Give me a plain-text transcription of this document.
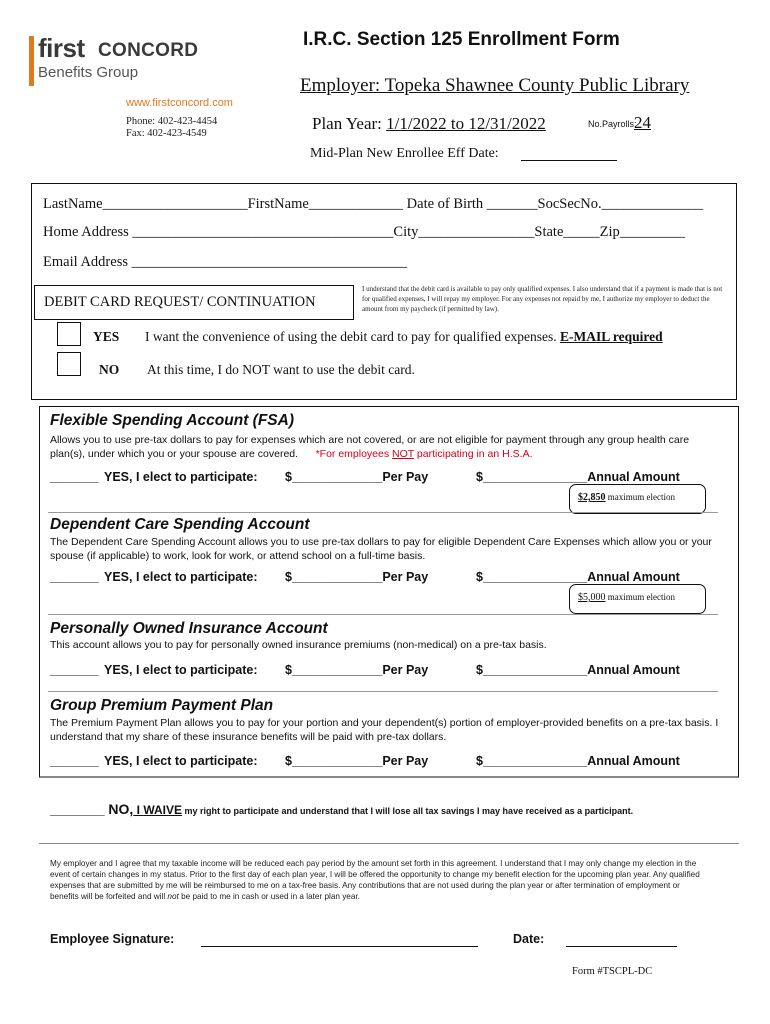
first CONCORD
Benefits Group
www.firstconcord.com
Phone: 402-423-4454
Fax: 402-423-4549
I.R.C. Section 125 Enrollment Form
Employer: Topeka Shawnee County Public Library
Plan Year: 1/1/2022 to 12/31/2022	No.Payrolls:
24
Mid-Plan New Enrollee Eff Date:
LastName____________________FirstName_____________ Date of Birth _______SocSecNo.______________
Home Address ____________________________________City________________State_____Zip_________
Email Address ______________________________________
DEBIT CARD REQUEST/ CONTINUATION
I understand that the debit card is available to pay only qualified expenses. I also understand that if a payment is made that is not for qualified expenses, I will repay my employer. For any expenses not repaid by me, I authorize my employer to deduct the amount from my paycheck (if permitted by law).
YES I want the convenience of using the debit card to pay for qualified expenses. E-MAIL required
NO At this time, I do NOT want to use the debit card.
Flexible Spending Account (FSA)
Allows you to use pre-tax dollars to pay for expenses which are not covered, or are not eligible for payment through any group health care plan(s), under which you or your spouse are covered. *For employees NOT participating in an H.S.A.
_______ YES, I elect to participate: $_____________Per Pay	$_______________Annual Amount
$2,850 maximum election
Dependent Care Spending Account
The Dependent Care Spending Account allows you to use pre-tax dollars to pay for eligible Dependent Care Expenses which allow you or your spouse (if applicable) to work, look for work, or attend school on a full-time basis.
_______ YES, I elect to participate: $_____________Per Pay	$_______________Annual Amount
$5,000 maximum election
Personally Owned Insurance Account
This account allows you to pay for personally owned insurance premiums (non-medical) on a pre-tax basis.
_______ YES, I elect to participate: $_____________Per Pay	$_______________Annual Amount
Group Premium Payment Plan
The Premium Payment Plan allows you to pay for your portion and your dependent(s) portion of employer-provided benefits on a pre-tax basis. I understand that my share of these insurance benefits will be paid with pre-tax dollars.
_______ YES, I elect to participate: $_____________Per Pay	$_______________Annual Amount
_______ NO, I WAIVE my right to participate and understand that I will lose all tax savings I may have received as a participant.
My employer and I agree that my taxable income will be reduced each pay period by the amount set forth in this agreement. I understand that I may only change my election in the event of certain changes in my status. Prior to the first day of each plan year, I will be offered the opportunity to change my benefit election for the upcoming plan year. Any qualified expenses that are submitted by me will be reimbursed to me on a tax-free basis. Any contributions that are not used during the plan year or after termination of employment or benefits will be forfeited and will not be paid to me in cash or used in a later plan year.
Employee Signature:	Date:
Form #TSCPL-DC
